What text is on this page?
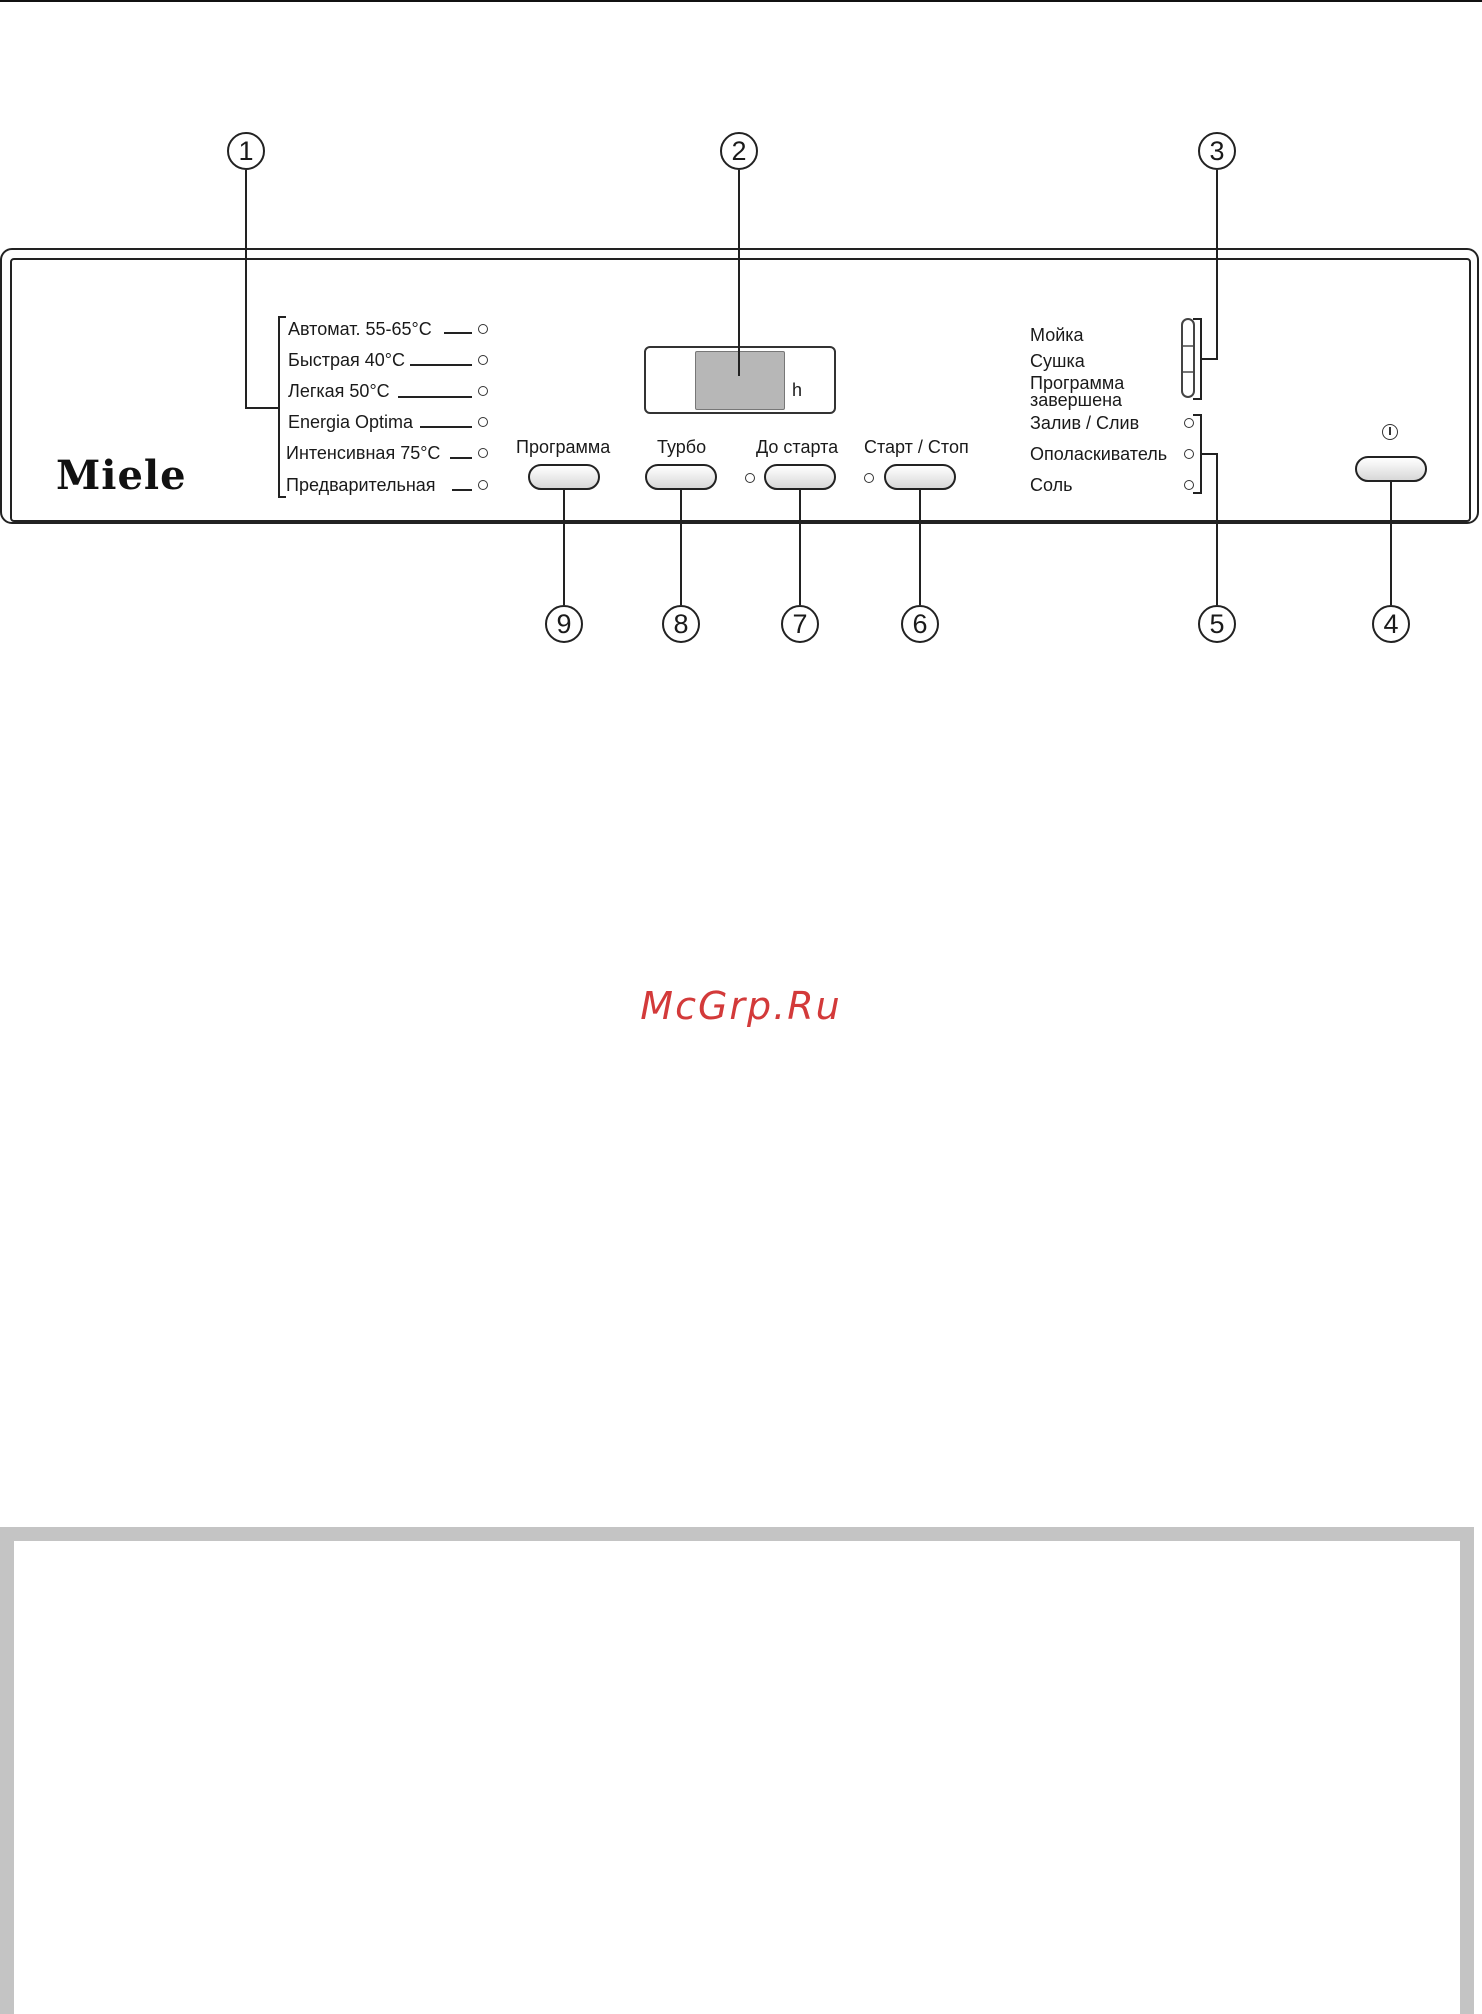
Miele
Автомат. 55-65°C
Быстрая 40°C
Легкая 50°C
Energia Optima
Интенсивная 75°C
Предварительная
h
Программа	Турбо	До старта Старт / Стоп
Мойка
Сушка
Программа
завершена
Залив / Слив
Ополаскиватель
Соль
1	2	3
5	4
6
7
8
9
McGrp.Ru
